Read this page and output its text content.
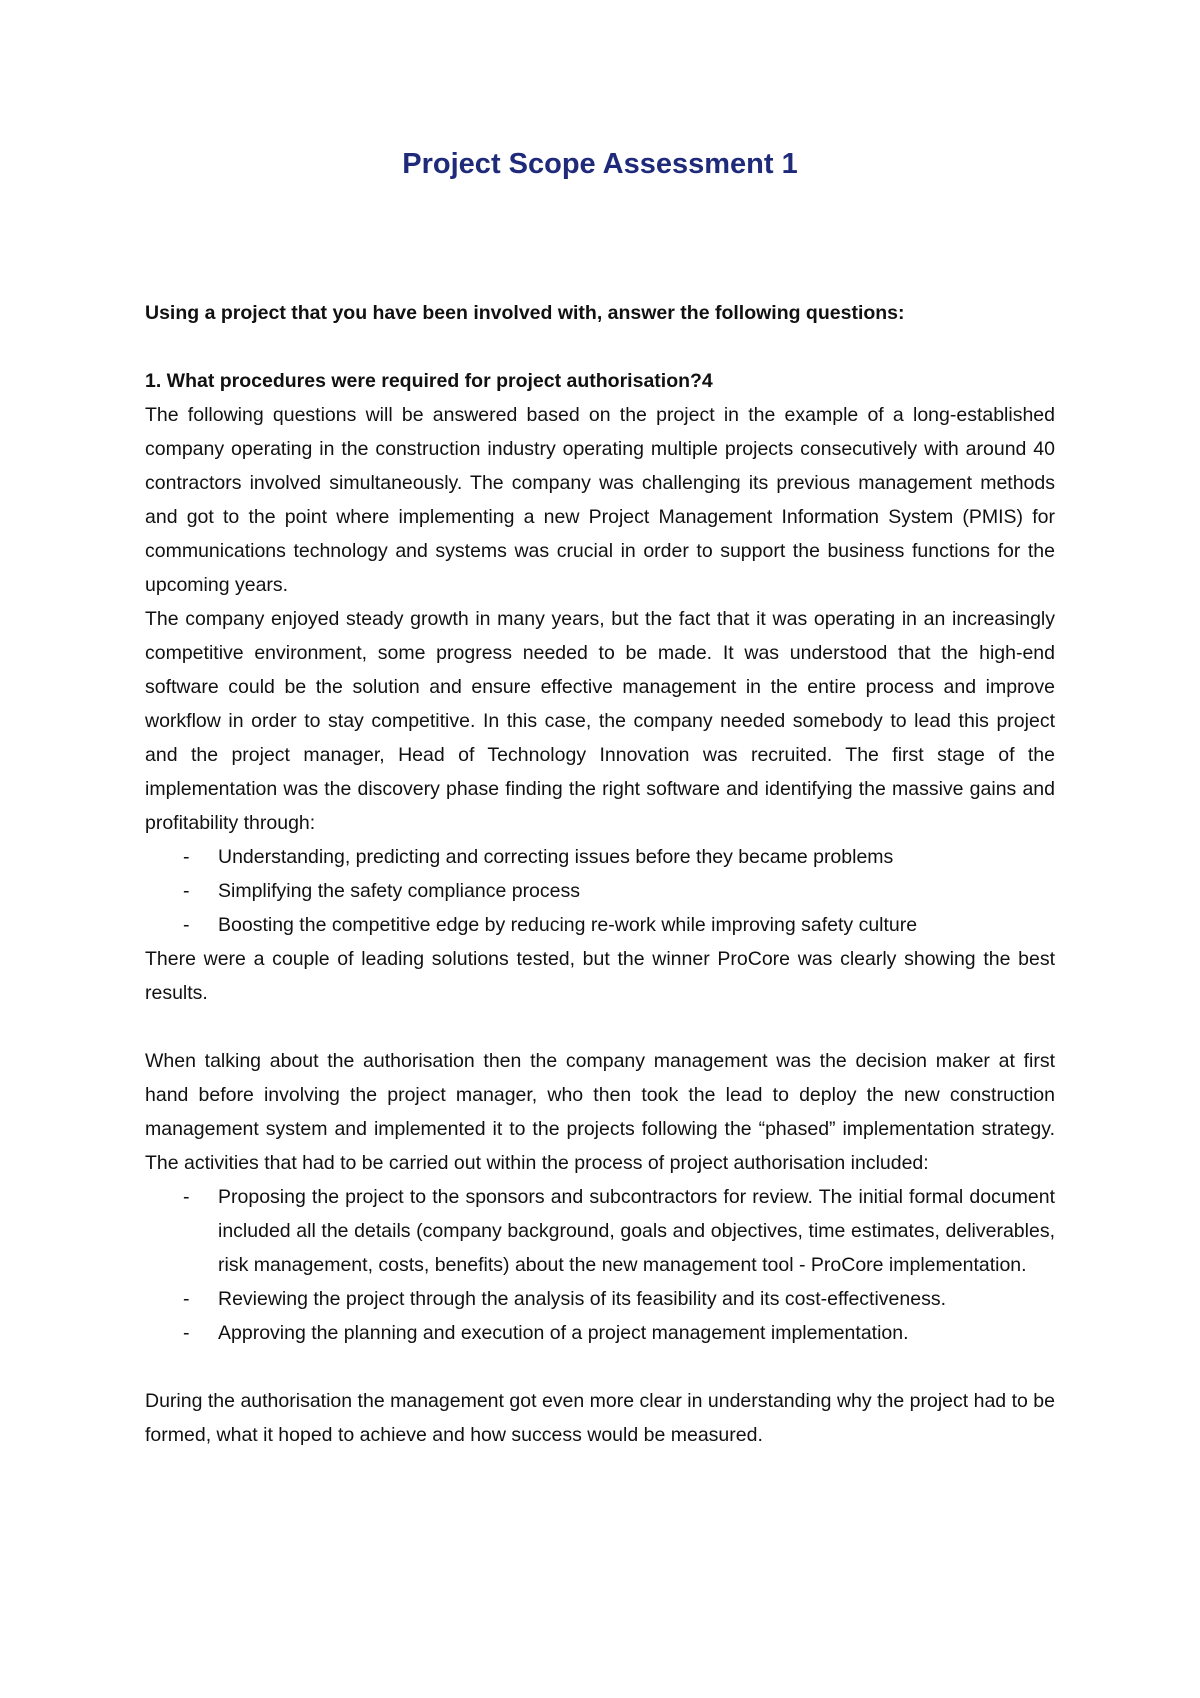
Project Scope Assessment 1

Using a project that you have been involved with, answer the following questions:

1. What procedures were required for project authorisation?4

The following questions will be answered based on the project in the example of a long-established company operating in the construction industry operating multiple projects consecutively with around 40 contractors involved simultaneously. The company was challenging its previous management methods and got to the point where implementing a new Project Management Information System (PMIS) for communications technology and systems was crucial in order to support the business functions for the upcoming years.

The company enjoyed steady growth in many years, but the fact that it was operating in an increasingly competitive environment, some progress needed to be made. It was understood that the high-end software could be the solution and ensure effective management in the entire process and improve workflow in order to stay competitive. In this case, the company needed somebody to lead this project and the project manager, Head of Technology Innovation was recruited. The first stage of the implementation was the discovery phase finding the right software and identifying the massive gains and profitability through:

- Understanding, predicting and correcting issues before they became problems
- Simplifying the safety compliance process
- Boosting the competitive edge by reducing re-work while improving safety culture

There were a couple of leading solutions tested, but the winner ProCore was clearly showing the best results.

When talking about the authorisation then the company management was the decision maker at first hand before involving the project manager, who then took the lead to deploy the new construction management system and implemented it to the projects following the “phased” implementation strategy. The activities that had to be carried out within the process of project authorisation included:

- Proposing the project to the sponsors and subcontractors for review. The initial formal document included all the details (company background, goals and objectives, time estimates, deliverables, risk management, costs, benefits) about the new management tool - ProCore implementation.
- Reviewing the project through the analysis of its feasibility and its cost-effectiveness.
- Approving the planning and execution of a project management implementation.

During the authorisation the management got even more clear in understanding why the project had to be formed, what it hoped to achieve and how success would be measured.
